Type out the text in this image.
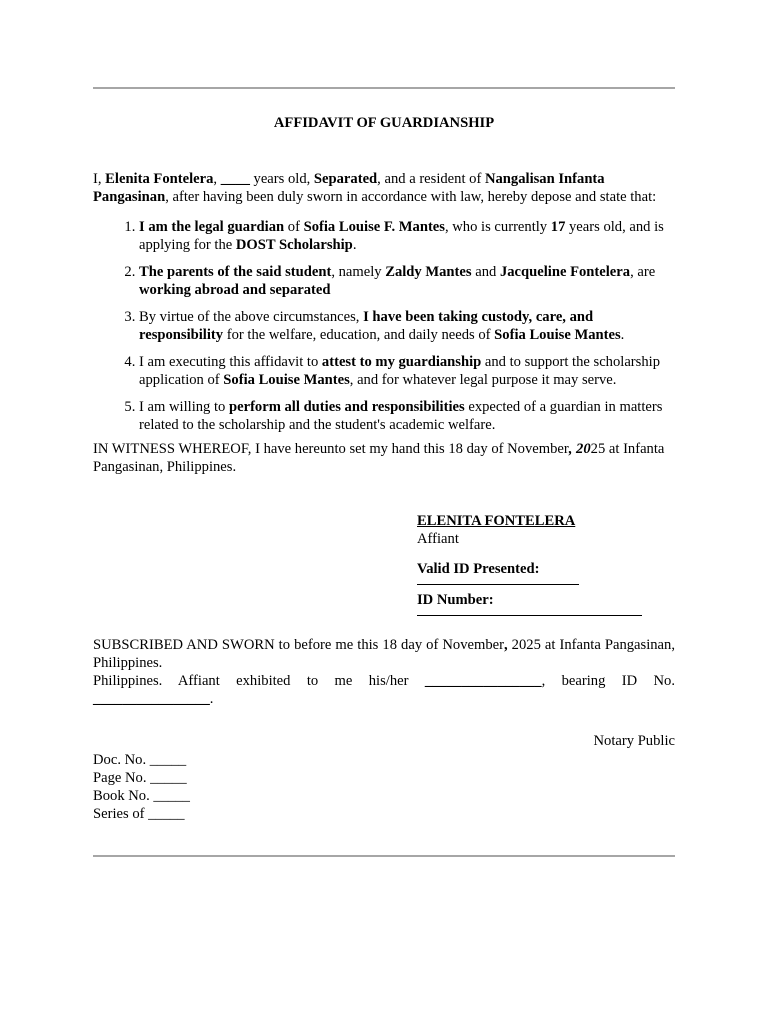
AFFIDAVIT OF GUARDIANSHIP

I, Elenita Fontelera, ____ years old, Separated, and a resident of Nangalisan Infanta Pangasinan, after having been duly sworn in accordance with law, hereby depose and state that:

1. I am the legal guardian of Sofia Louise F. Mantes, who is currently 17 years old, and is applying for the DOST Scholarship.
2. The parents of the said student, namely Zaldy Mantes and Jacqueline Fontelera, are working abroad and separated
3. By virtue of the above circumstances, I have been taking custody, care, and responsibility for the welfare, education, and daily needs of Sofia Louise Mantes.
4. I am executing this affidavit to attest to my guardianship and to support the scholarship application of Sofia Louise Mantes, and for whatever legal purpose it may serve.
5. I am willing to perform all duties and responsibilities expected of a guardian in matters related to the scholarship and the student's academic welfare.

IN WITNESS WHEREOF, I have hereunto set my hand this 18 day of November, 2025 at Infanta Pangasinan, Philippines.

ELENITA FONTELERA
Affiant
Valid ID Presented:
ID Number:

SUBSCRIBED AND SWORN to before me this 18 day of November, 2025 at Infanta Pangasinan, Philippines.

Philippines. Affiant exhibited to me his/her ________________, bearing ID No.

________________.

Notary Public

Doc. No. _____
Page No. _____
Book No. _____
Series of _____
